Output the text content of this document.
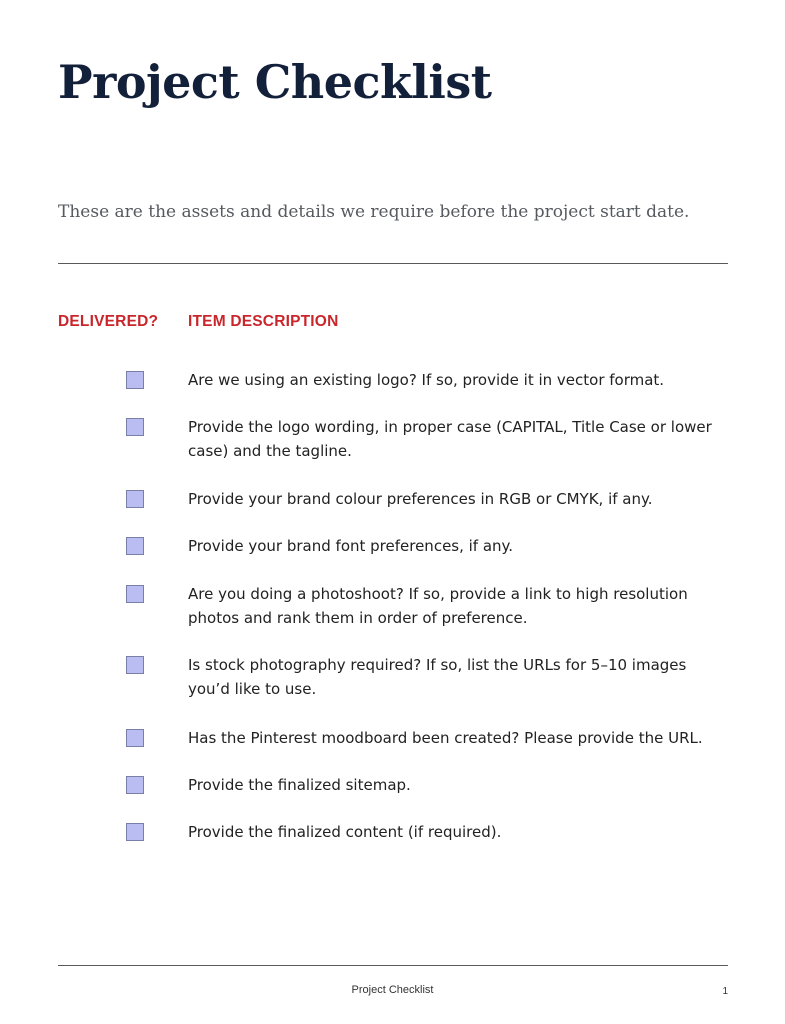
Project Checklist

These are the assets and details we require before the project start date.

DELIVERED? ITEM DESCRIPTION

Are we using an existing logo? If so, provide it in vector format.

Provide the logo wording, in proper case (CAPITAL, Title Case or lower case) and the tagline.

Provide your brand colour preferences in RGB or CMYK, if any.

Provide your brand font preferences, if any.

Are you doing a photoshoot? If so, provide a link to high resolution photos and rank them in order of preference.

Is stock photography required? If so, list the URLs for 5–10 images you’d like to use.

Has the Pinterest moodboard been created? Please provide the URL.

Provide the finalized sitemap.

Provide the finalized content (if required).

Project Checklist	1
